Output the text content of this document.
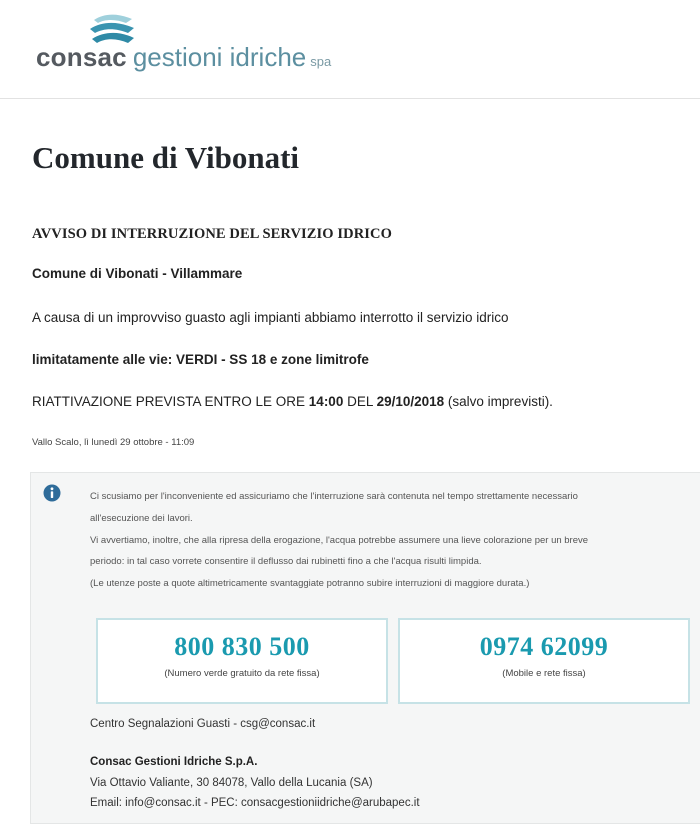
consac gestioni idriche spa
Comune di Vibonati
AVVISO DI INTERRUZIONE DEL SERVIZIO IDRICO

Comune di Vibonati - Villammare

A causa di un improvviso guasto agli impianti abbiamo interrotto il servizio idrico

limitatamente alle vie: VERDI - SS 18 e zone limitrofe

RIATTIVAZIONE PREVISTA ENTRO LE ORE 14:00 DEL 29/10/2018 (salvo imprevisti).

Vallo Scalo, lì lunedì 29 ottobre - 11:09

Ci scusiamo per l'inconveniente ed assicuriamo che l'interruzione sarà contenuta nel tempo strettamente necessario

all'esecuzione dei lavori.

Vi avvertiamo, inoltre, che alla ripresa della erogazione, l'acqua potrebbe assumere una lieve colorazione per un breve

periodo: in tal caso vorrete consentire il deflusso dai rubinetti fino a che l'acqua risulti limpida.

(Le utenze poste a quote altimetricamente svantaggiate potranno subire interruzioni di maggiore durata.)

800 830 500
(Numero verde gratuito da rete fissa)
0974 62099
(Mobile e rete fissa)

Centro Segnalazioni Guasti - csg@consac.it

Consac Gestioni Idriche S.p.A.

Via Ottavio Valiante, 30 84078, Vallo della Lucania (SA)

Email: info@consac.it - PEC: consacgestioniidriche@arubapec.it
